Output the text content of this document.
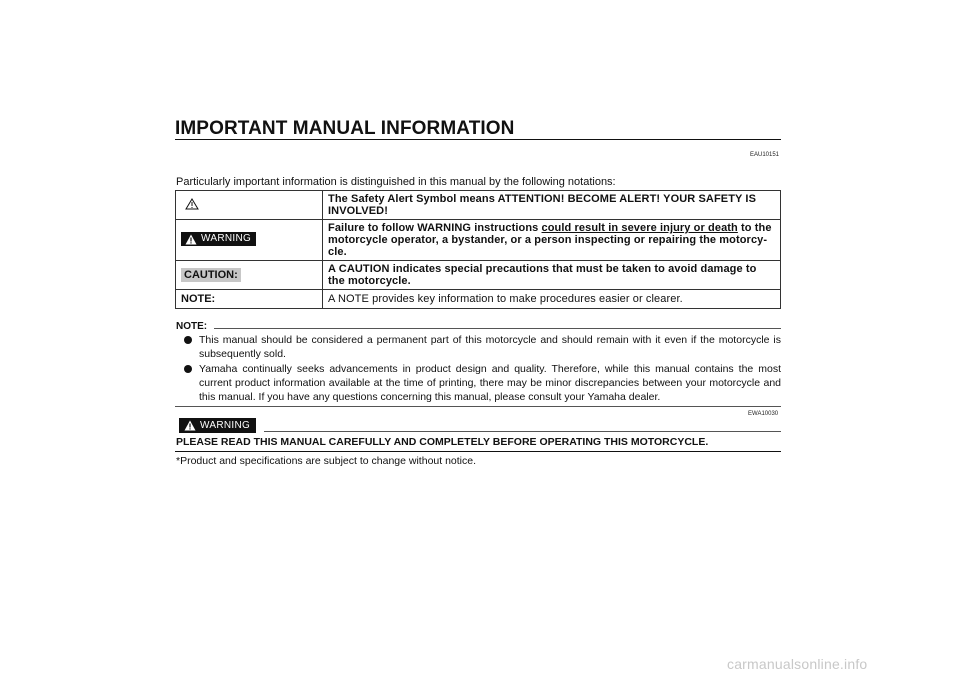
IMPORTANT MANUAL INFORMATION
EAU10151
Particularly important information is distinguished in this manual by the following notations:
	The Safety Alert Symbol means ATTENTION! BECOME ALERT! YOUR SAFETY IS INVOLVED!

WARNING	Failure to follow WARNING instructions could result in severe injury or death to the motorcycle operator, a bystander, or a person inspecting or repairing the motorcy-cle.
CAUTION:	A CAUTION indicates special precautions that must be taken to avoid damage to the motorcycle.
NOTE:	A NOTE provides key information to make procedures easier or clearer.
NOTE:
This manual should be considered a permanent part of this motorcycle and should remain with it even if the motorcycle is subsequently sold.
Yamaha continually seeks advancements in product design and quality. Therefore, while this manual contains the most current product information available at the time of printing, there may be minor discrepancies between your motorcycle and this manual. If you have any questions concerning this manual, please consult your Yamaha dealer.
EWA10030
WARNING
PLEASE READ THIS MANUAL CAREFULLY AND COMPLETELY BEFORE OPERATING THIS MOTORCYCLE.
*Product and specifications are subject to change without notice.
carmanualsonline.info
